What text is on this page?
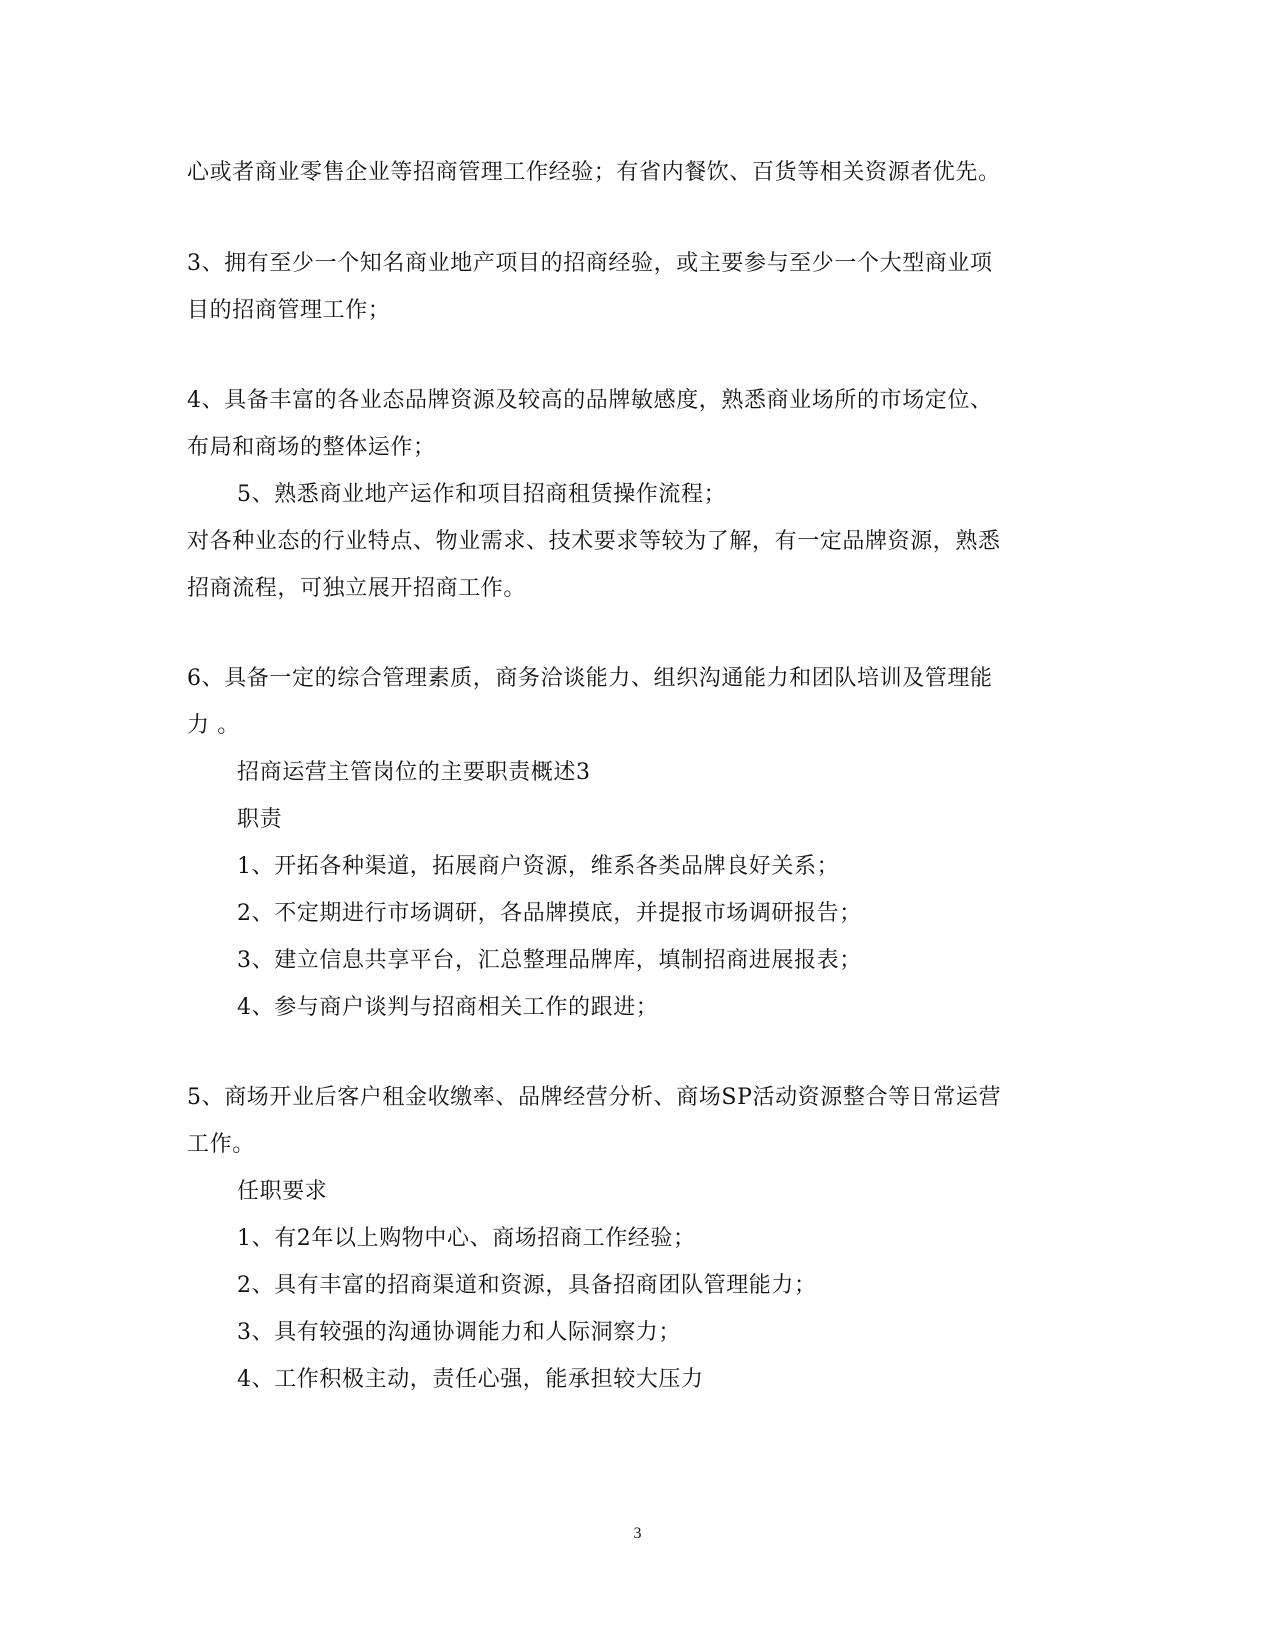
心或者商业零售企业等招商管理工作经验；有省内餐饮、百货等相关资源者优先。
3、拥有至少一个知名商业地产项目的招商经验，或主要参与至少一个大型商业项
目的招商管理工作；
4、具备丰富的各业态品牌资源及较高的品牌敏感度，熟悉商业场所的市场定位、
布局和商场的整体运作；
5、熟悉商业地产运作和项目招商租赁操作流程；
对各种业态的行业特点、物业需求、技术要求等较为了解，有一定品牌资源，熟悉
招商流程，可独立展开招商工作。
6、具备一定的综合管理素质，商务洽谈能力、组织沟通能力和团队培训及管理能
力 。
招商运营主管岗位的主要职责概述3
职责
1、开拓各种渠道，拓展商户资源，维系各类品牌良好关系；
2、不定期进行市场调研，各品牌摸底，并提报市场调研报告；
3、建立信息共享平台，汇总整理品牌库，填制招商进展报表；
4、参与商户谈判与招商相关工作的跟进；
5、商场开业后客户租金收缴率、品牌经营分析、商场SP活动资源整合等日常运营
工作。
任职要求
1、有2年以上购物中心、商场招商工作经验；
2、具有丰富的招商渠道和资源，具备招商团队管理能力；
3、具有较强的沟通协调能力和人际洞察力；
4、工作积极主动，责任心强，能承担较大压力
3
